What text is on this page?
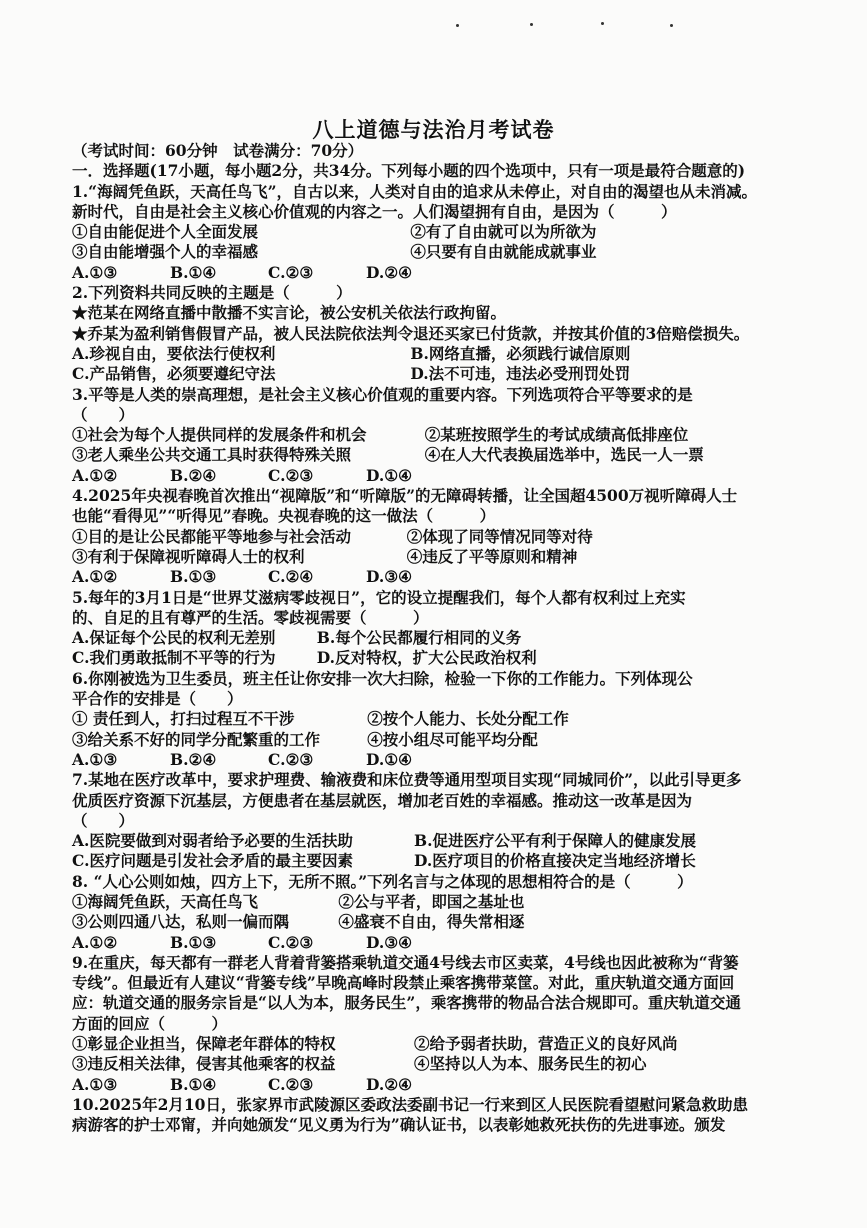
八上道德与法治月考试卷
（考试时间：60分钟　试卷满分：70分）
一．选择题(17小题，每小题2分，共34分。下列每小题的四个选项中，只有一项是最符合题意的)
1.“海阔凭鱼跃，天高任鸟飞”，自古以来，人类对自由的追求从未停止，对自由的渴望也从未消减。
新时代，自由是社会主义核心价值观的内容之一。人们渴望拥有自由，是因为（　　　）
①自由能促进个人全面发展	②有了自由就可以为所欲为
③自由能增强个人的幸福感	④只要有自由就能成就事业
A.①③	B.①④	C.②③	D.②④
2.下列资料共同反映的主题是（　　　）
★范某在网络直播中散播不实言论，被公安机关依法行政拘留。
★乔某为盈利销售假冒产品，被人民法院依法判令退还买家已付货款，并按其价值的3倍赔偿损失。
A.珍视自由，要依法行使权利	B.网络直播，必须践行诚信原则
C.产品销售，必须要遵纪守法	D.法不可违，违法必受刑罚处罚
3.平等是人类的崇高理想，是社会主义核心价值观的重要内容。下列选项符合平等要求的是
（　　）
①社会为每个人提供同样的发展条件和机会	②某班按照学生的考试成绩高低排座位
③老人乘坐公共交通工具时获得特殊关照	④在人大代表换届选举中，选民一人一票
A.①②	B.②④	C.②③	D.①④
4.2025年央视春晚首次推出“视障版”和“听障版”的无障碍转播，让全国超4500万视听障碍人士
也能“看得见”“听得见”春晚。央视春晚的这一做法（　　　）
①目的是让公民都能平等地参与社会活动	②体现了同等情况同等对待
③有利于保障视听障碍人士的权利	④违反了平等原则和精神
A.①②	B.①③	C.②④	D.③④
5.每年的3月1日是“世界艾滋病零歧视日”，它的设立提醒我们，每个人都有权利过上充实
的、自足的且有尊严的生活。零歧视需要（　　　）
A.保证每个公民的权利无差别	B.每个公民都履行相同的义务
C.我们勇敢抵制不平等的行为	D.反对特权，扩大公民政治权利
6.你刚被选为卫生委员，班主任让你安排一次大扫除，检验一下你的工作能力。下列体现公
平合作的安排是（　　）
① 责任到人，打扫过程互不干涉	②按个人能力、长处分配工作
③给关系不好的同学分配繁重的工作	④按小组尽可能平均分配
A.①③	B.②④	C.②③	D.①④
7.某地在医疗改革中，要求护理费、输液费和床位费等通用型项目实现“同城同价”，以此引导更多
优质医疗资源下沉基层，方便患者在基层就医，增加老百姓的幸福感。推动这一改革是因为
（　　）
A.医院要做到对弱者给予必要的生活扶助	B.促进医疗公平有利于保障人的健康发展
C.医疗问题是引发社会矛盾的最主要因素	D.医疗项目的价格直接决定当地经济增长
8. “人心公则如烛，四方上下，无所不照。”下列名言与之体现的思想相符合的是（　　　）
①海阔凭鱼跃，天高任鸟飞	②公与平者，即国之基址也
③公则四通八达，私则一偏而隅	④盛衰不自由，得失常相逐
A.①②	B.①③	C.②③	D.③④
9.在重庆，每天都有一群老人背着背篓搭乘轨道交通4号线去市区卖菜，4号线也因此被称为“背篓
专线”。但最近有人建议“背篓专线”早晚高峰时段禁止乘客携带菜筐。对此，重庆轨道交通方面回
应：轨道交通的服务宗旨是“以人为本，服务民生”，乘客携带的物品合法合规即可。重庆轨道交通
方面的回应（　　　）
①彰显企业担当，保障老年群体的特权	②给予弱者扶助，营造正义的良好风尚
③违反相关法律，侵害其他乘客的权益	④坚持以人为本、服务民生的初心
A.①③	B.①④	C.②③	D.②④
10.2025年2月10日，张家界市武陵源区委政法委副书记一行来到区人民医院看望慰问紧急救助患
病游客的护士邓甯，并向她颁发“见义勇为行为”确认证书，以表彰她救死扶伤的先进事迹。颁发
